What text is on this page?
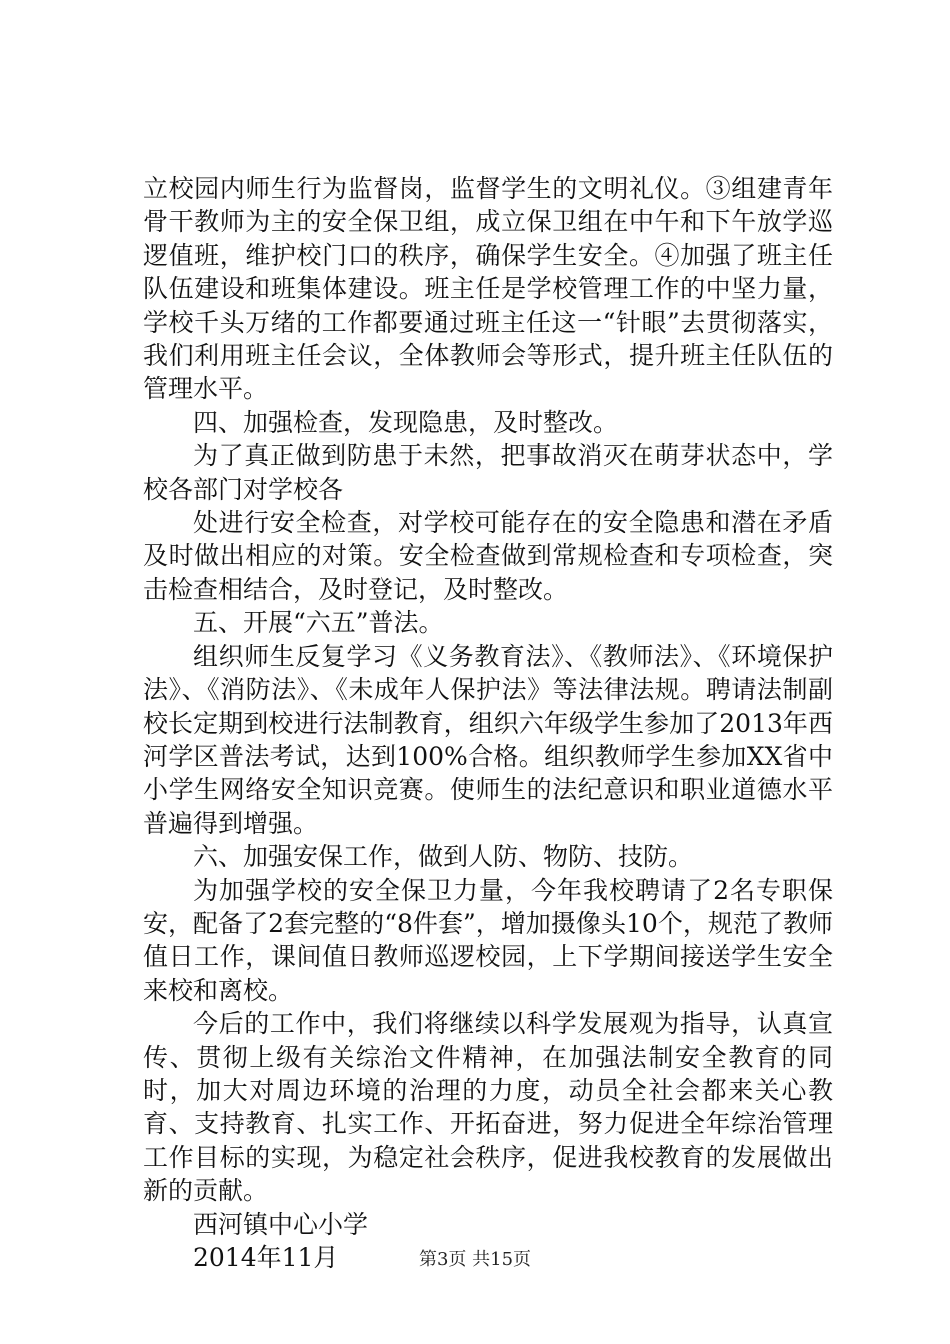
立校园内师生行为监督岗，监督学生的文明礼仪。③组建青年骨干教师为主的安全保卫组，成立保卫组在中午和下午放学巡逻值班，维护校门口的秩序，确保学生安全。④加强了班主任队伍建设和班集体建设。班主任是学校管理工作的中坚力量，学校千头万绪的工作都要通过班主任这一“针眼”去贯彻落实，我们利用班主任会议，全体教师会等形式，提升班主任队伍的管理水平。

四、加强检查，发现隐患，及时整改。

为了真正做到防患于未然，把事故消灭在萌芽状态中，学校各部门对学校各

处进行安全检查，对学校可能存在的安全隐患和潜在矛盾及时做出相应的对策。安全检查做到常规检查和专项检查，突击检查相结合，及时登记，及时整改。

五、开展“六五”普法。

组织师生反复学习《义务教育法》、《教师法》、《环境保护法》、《消防法》、《未成年人保护法》等法律法规。聘请法制副校长定期到校进行法制教育，组织六年级学生参加了2013年西河学区普法考试，达到100%合格。组织教师学生参加XX省中小学生网络安全知识竞赛。使师生的法纪意识和职业道德水平普遍得到增强。

六、加强安保工作，做到人防、物防、技防。

为加强学校的安全保卫力量，今年我校聘请了2名专职保安，配备了2套完整的“8件套”，增加摄像头10个，规范了教师值日工作，课间值日教师巡逻校园，上下学期间接送学生安全来校和离校。

今后的工作中，我们将继续以科学发展观为指导，认真宣传、贯彻上级有关综治文件精神，在加强法制安全教育的同时，加大对周边环境的治理的力度，动员全社会都来关心教育、支持教育、扎实工作、开拓奋进，努力促进全年综治管理工作目标的实现，为稳定社会秩序，促进我校教育的发展做出新的贡献。

西河镇中心小学

2014年11月	第3页 共15页
